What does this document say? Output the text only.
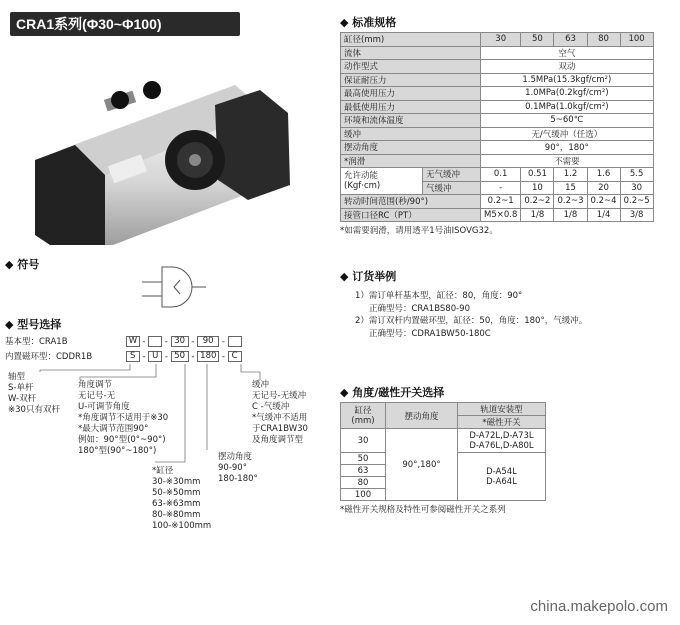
CRA1系列(Φ30~Φ100)	◆ 标准规格
缸径(mm)		30	50	63	80	100
流体		空气				
动作型式		双动				
保证耐压力		1.5MPa(15.3kgf/cm²)				
最高使用压力		1.0MPa(0.2kgf/cm²)				
最低使用压力		0.1MPa(1.0kgf/cm²)				
环境和流体温度		5~60℃				
缓冲		无/气缓冲（任选）				
摆动角度		90°，180°				
*润滑		不需要				
允许动能
(Kgf·cm)	无气缓冲	0.1	0.51	1.2	1.6	5.5
	气缓冲	-	10	15	20	30
转动时间范围(秒/90°)		0.2~1	0.2~2	0.2~3	0.2~4	0.2~5
接管口径RC（PT）		M5×0.8	1/8	1/8	1/4	3/8
*如需要润滑，请用透平1号油ISOVG32。
◆ 订货举例
1）需订单杆基本型，缸径：80，角度：90°
正确型号：CRA1BS80-90
2）需订双杆内置磁环型，缸径：50，角度：180°，气缓冲。
正确型号：CDRA1BW50-180C
◆ 角度/磁性开关选择
缸径
(mm)	摆动角度	轨道安装型
		*磁性开关
30	90°,180°	D-A72L,D-A73L
D-A76L,D-A80L
50		D-A54L
D-A64L
63		
80		
100		
*磁性开关规格及特性可参阅磁性开关之系列
◆ 符号
◆ 型号选择
基本型：CRA1B	W -  - 30 - 90 -
内置磁环型：CDDR1B	S - U - 50 - 180 - C
轴型
S-单杆
W-双杆
※30只有双杆
角度调节
无记号-无
U-可调节角度
*角度调节不适用于※30
*最大调节范围90°
例如：90°型(0°~90°)
180°型(90°~180°)
*缸径
30-※30mm
50-※50mm
63-※63mm
80-※80mm
100-※100mm
摆动角度
90-90°
180-180°
缓冲
无记号-无缓冲
C -气缓冲
*气缓冲不适用
于CRA1BW30
及角度调节型
china.makepolo.com
